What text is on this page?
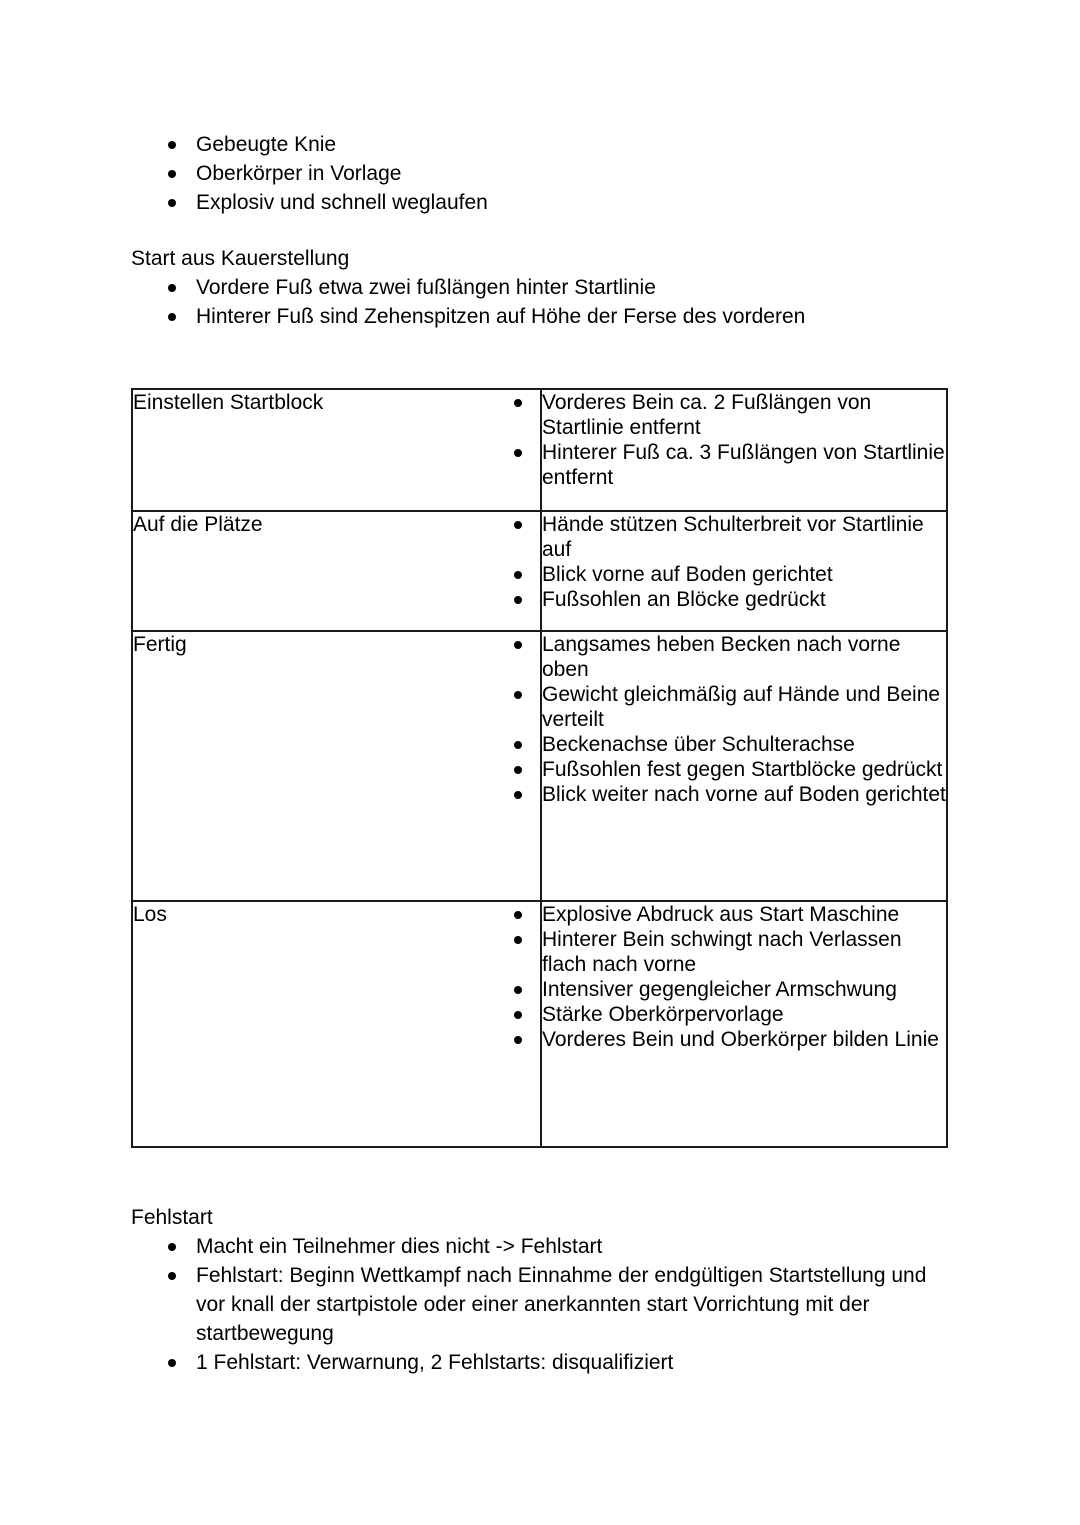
Gebeugte Knie
Oberkörper in Vorlage
Explosiv und schnell weglaufen
Start aus Kauerstellung
Vordere Fuß etwa zwei fußlängen hinter Startlinie
Hinterer Fuß sind Zehenspitzen auf Höhe der Ferse des vorderen
Einstellen Startblock	Vorderes Bein ca. 2 Fußlängen von Startlinie entfernt
Hinterer Fuß ca. 3 Fußlängen von Startlinie entfernt

Auf die Plätze	Hände stützen Schulterbreit vor Startlinie auf
Blick vorne auf Boden gerichtet
Fußsohlen an Blöcke gedrückt

Fertig	Langsames heben Becken nach vorne oben
Gewicht gleichmäßig auf Hände und Beine verteilt
Beckenachse über Schulterachse
Fußsohlen fest gegen Startblöcke gedrückt
Blick weiter nach vorne auf Boden gerichtet

Los	Explosive Abdruck aus Start Maschine
Hinterer Bein schwingt nach Verlassen flach nach vorne
Intensiver gegengleicher Armschwung
Stärke Oberkörpervorlage
Vorderes Bein und Oberkörper bilden Linie
Fehlstart
Macht ein Teilnehmer dies nicht -> Fehlstart
Fehlstart: Beginn Wettkampf nach Einnahme der endgültigen Startstellung und vor knall der startpistole oder einer anerkannten start Vorrichtung mit der startbewegung
1 Fehlstart: Verwarnung, 2 Fehlstarts: disqualifiziert
